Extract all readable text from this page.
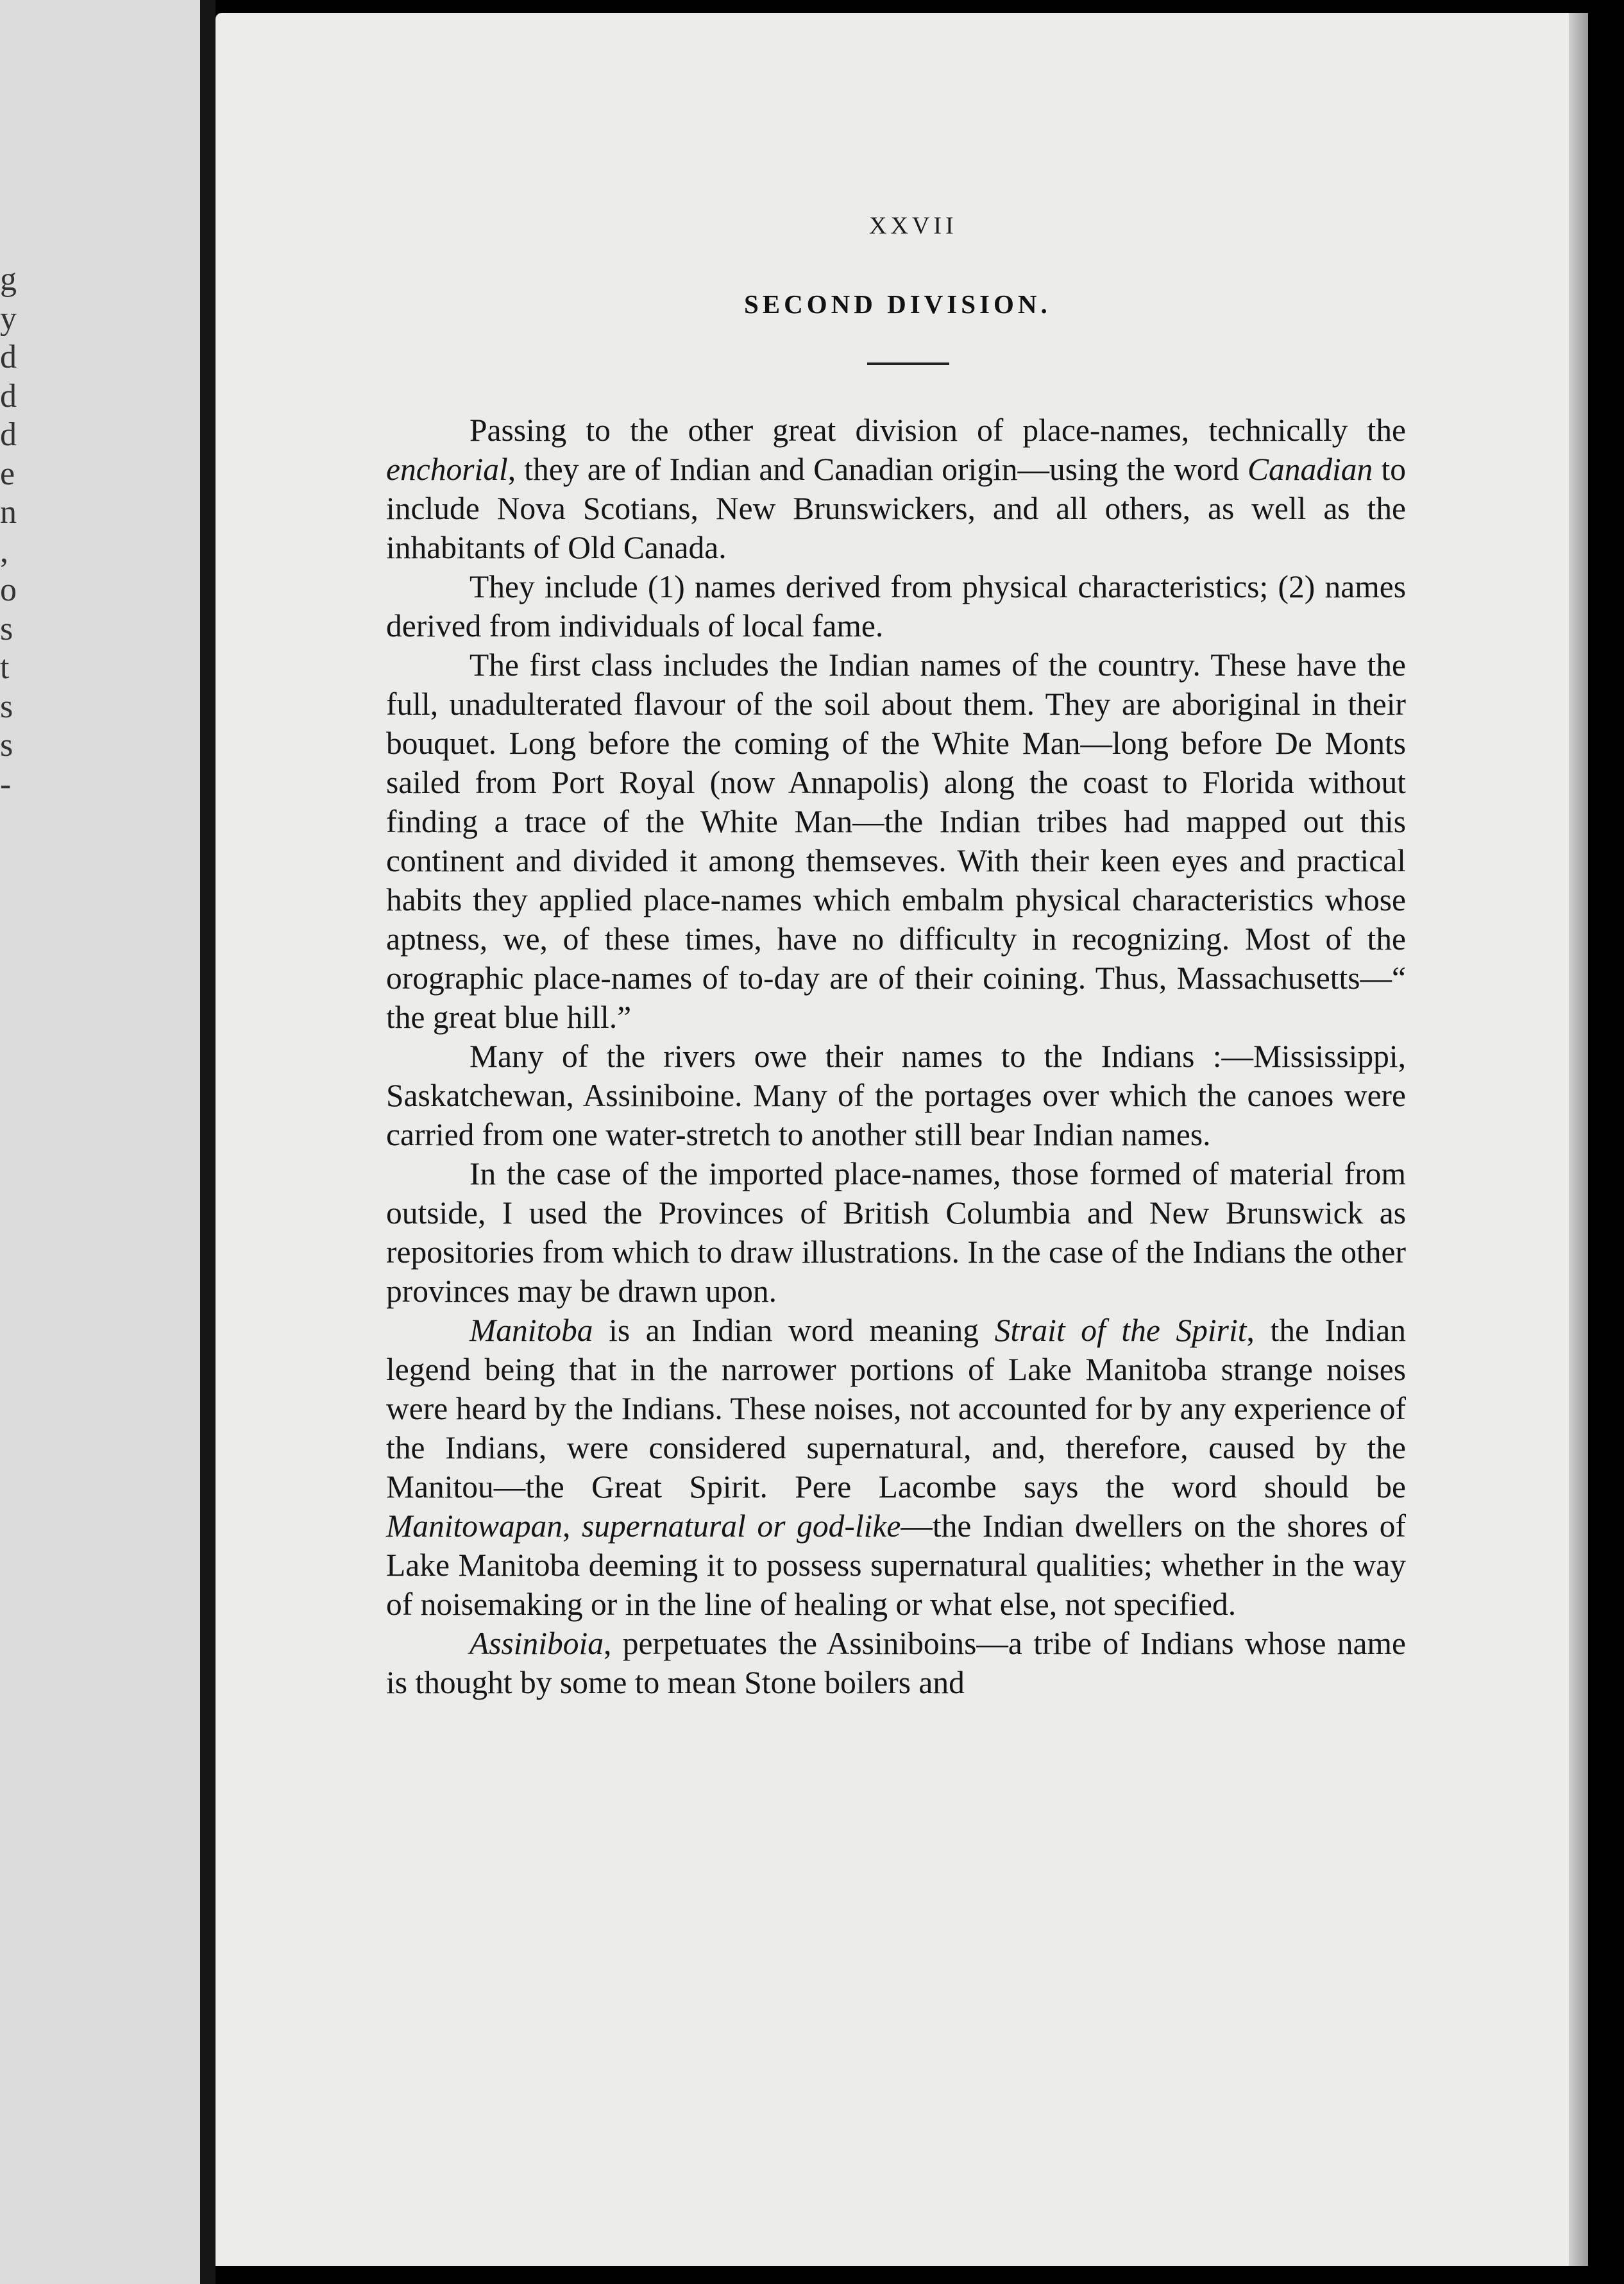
g
y
d
d
d
e
n
,
o
s
t
s
s
-
XXVII
SECOND DIVISION.

Passing to the other great division of place-names, technically the enchorial, they are of Indian and Canadian origin—using the word Canadian to include Nova Scotians, New Brunswickers, and all others, as well as the inhabitants of Old Canada.

They include (1) names derived from physical characteristics; (2) names derived from individuals of local fame.

The first class includes the Indian names of the country. These have the full, unadulterated flavour of the soil about them. They are aboriginal in their bouquet. Long before the coming of the White Man—long before De Monts sailed from Port Royal (now Annapolis) along the coast to Florida without finding a trace of the White Man—the Indian tribes had mapped out this continent and divided it among themseves. With their keen eyes and practical habits they applied place-names which embalm physical characteristics whose aptness, we, of these times, have no difficulty in recognizing. Most of the orographic place-names of to-day are of their coining. Thus, Massachusetts—“ the great blue hill.”

Many of the rivers owe their names to the Indians :—Mississippi, Saskatchewan, Assiniboine. Many of the portages over which the canoes were carried from one water-stretch to another still bear Indian names.

In the case of the imported place-names, those formed of material from outside, I used the Provinces of British Columbia and New Brunswick as repositories from which to draw illustrations. In the case of the Indians the other provinces may be drawn upon.

Manitoba is an Indian word meaning Strait of the Spirit, the Indian legend being that in the narrower portions of Lake Manitoba strange noises were heard by the Indians. These noises, not accounted for by any experience of the Indians, were considered supernatural, and, therefore, caused by the Manitou—the Great Spirit. Pere Lacombe says the word should be Manitowapan, supernatural or god-like—the Indian dwellers on the shores of Lake Manitoba deeming it to possess supernatural qualities; whether in the way of noisemaking or in the line of healing or what else, not specified.

Assiniboia, perpetuates the Assiniboins—a tribe of Indians whose name is thought by some to mean Stone boilers and
